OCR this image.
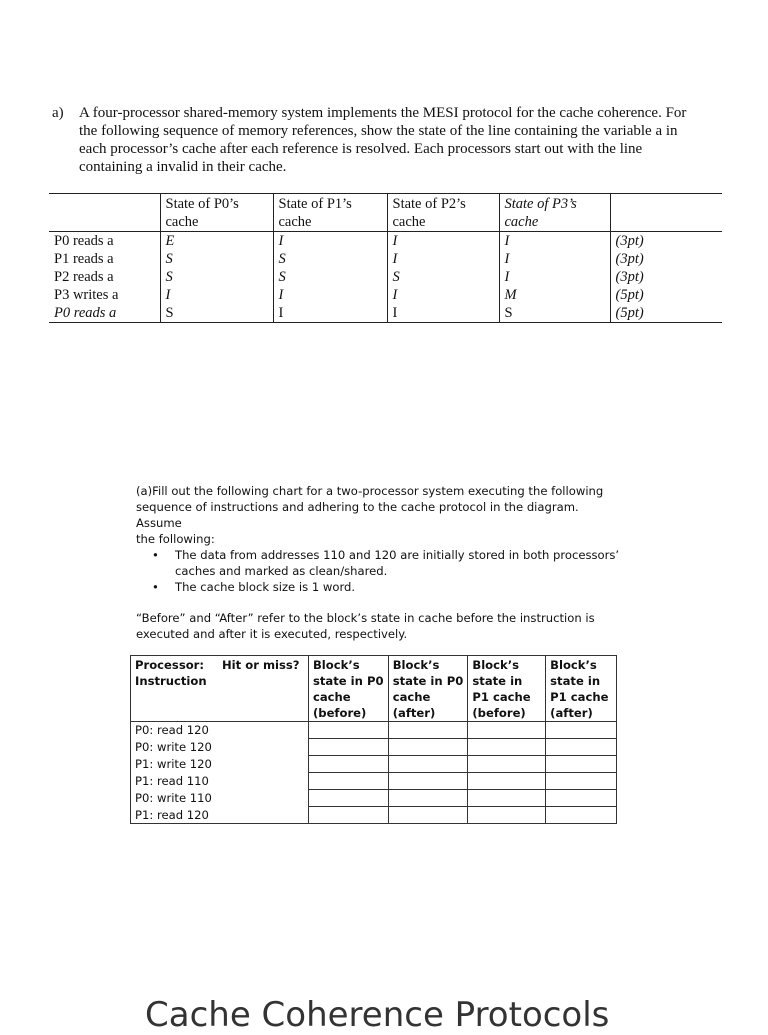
a)	A four-processor shared-memory system implements the MESI protocol for the cache coherence. For
the following sequence of memory references, show the state of the line containing the variable a in
each processor’s cache after each reference is resolved. Each processors start out with the line
containing a invalid in their cache.
	State of P0’s cache	State of P1’s cache	State of P2’s cache	State of P3’s cache	
P0 reads a	E	I	I	I	(3pt)
P1 reads a	S	S	I	I	(3pt)
P2 reads a	S	S	S	I	(3pt)
P3 writes a	I	I	I	M	(5pt)
P0 reads a	S	I	I	S	(5pt)
(a)Fill out the following chart for a two-processor system executing the following
sequence of instructions and adhering to the cache protocol in the diagram. Assume
the following:
•	The data from addresses 110 and 120 are initially stored in both processors’
caches and marked as clean/shared.
•	The cache block size is 1 word.
“Before” and “After” refer to the block’s state in cache before the instruction is
executed and after it is executed, respectively.
Processor: Instruction
Hit or miss?	Block’s state in P0 cache (before)	Block’s state in P0 cache (after)	Block’s state in P1 cache (before)	Block’s state in P1 cache (after)
P0: read 120				
P0: write 120				
P1: write 120				
P1: read 110				
P0: write 110				
P1: read 120				
Cache Coherence Protocols
